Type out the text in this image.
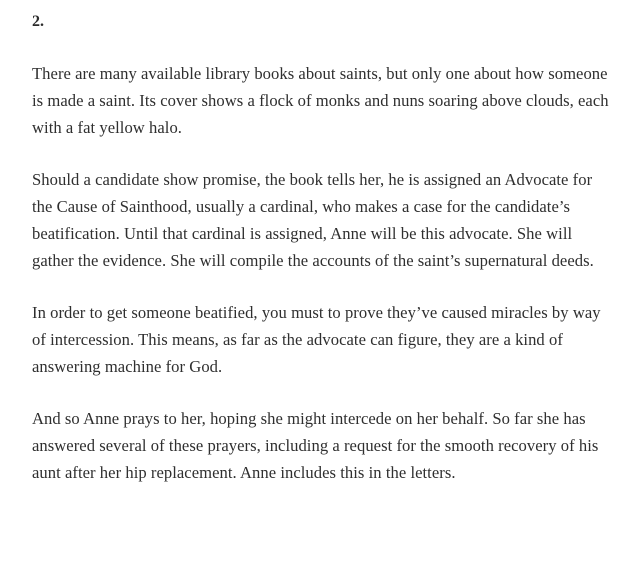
2.

There are many available library books about saints, but only one about how someone is made a saint. Its cover shows a flock of monks and nuns soaring above clouds, each with a fat yellow halo.

Should a candidate show promise, the book tells her, he is assigned an Advocate for the Cause of Sainthood, usually a cardinal, who makes a case for the candidate’s beatification. Until that cardinal is assigned, Anne will be this advocate. She will gather the evidence. She will compile the accounts of the saint’s supernatural deeds.

In order to get someone beatified, you must to prove they’ve caused miracles by way of intercession. This means, as far as the advocate can figure, they are a kind of answering machine for God.

And so Anne prays to her, hoping she might intercede on her behalf. So far she has answered several of these prayers, including a request for the smooth recovery of his aunt after her hip replacement. Anne includes this in the letters.
